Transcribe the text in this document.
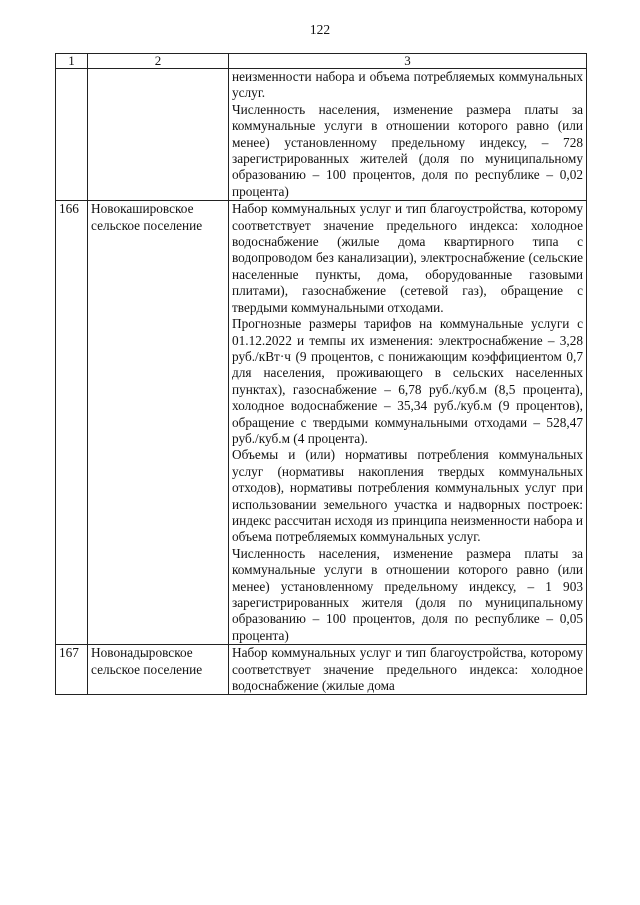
122
1	2	3

		неизменности набора и объема потребляемых коммунальных услуг.

Численность населения, изменение размера платы за коммунальные услуги в отношении которого равно (или менее) установленному предельному индексу, – 728 зарегистрированных жителей (доля по муниципальному образованию – 100 процентов, доля по республике – 0,02 процента)

166	Новокаширoвское сельское поселение	Набор коммунальных услуг и тип благоустройства, которому соответствует значение предельного индекса: холодное водоснабжение (жилые дома квартирного типа с водопроводом без канализации), электроснабжение (сельские населенные пункты, дома, оборудованные газовыми плитами), газоснабжение (сетевой газ), обращение с твердыми коммунальными отходами.

Прогнозные размеры тарифов на коммунальные услуги с 01.12.2022 и темпы их изменения: электроснабжение – 3,28 руб./кВт·ч (9 процентов, с понижающим коэффициентом 0,7 для населения, проживающего в сельских населенных пунктах), газоснабжение – 6,78 руб./куб.м (8,5 процента), холодное водоснабжение – 35,34 руб./куб.м (9 процентов), обращение с твердыми коммунальными отходами – 528,47 руб./куб.м (4 процента).

Объемы и (или) нормативы потребления коммунальных услуг (нормативы накопления твердых коммунальных отходов), нормативы потребления коммунальных услуг при использовании земельного участка и надворных построек: индекс рассчитан исходя из принципа неизменности набора и объема потребляемых коммунальных услуг.

Численность населения, изменение размера платы за коммунальные услуги в отношении которого равно (или менее) установленному предельному индексу, – 1 903 зарегистрированных жителя (доля по муниципальному образованию – 100 процентов, доля по республике – 0,05 процента)

167	Новонадыровское сельское поселение	Набор коммунальных услуг и тип благоустройства, которому соответствует значение предельного индекса: холодное водоснабжение (жилые дома
